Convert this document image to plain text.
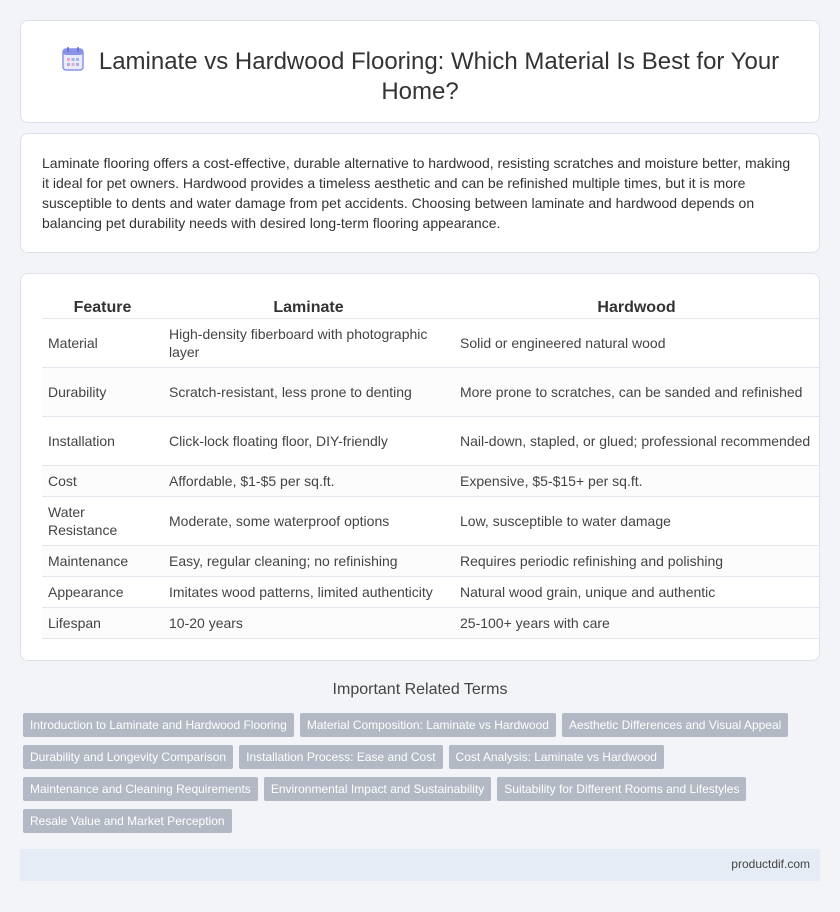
Laminate vs Hardwood Flooring: Which Material Is Best for Your Home?

Laminate flooring offers a cost-effective, durable alternative to hardwood, resisting scratches and moisture better, making it ideal for pet owners. Hardwood provides a timeless aesthetic and can be refinished multiple times, but it is more susceptible to dents and water damage from pet accidents. Choosing between laminate and hardwood depends on balancing pet durability needs with desired long-term flooring appearance.

Feature	Laminate	Hardwood
Material	High-density fiberboard with photographic layer	Solid or engineered natural wood
Durability	Scratch-resistant, less prone to denting	More prone to scratches, can be sanded and refinished
Installation	Click-lock floating floor, DIY-friendly	Nail-down, stapled, or glued; professional recommended
Cost	Affordable, $1-$5 per sq.ft.	Expensive, $5-$15+ per sq.ft.
Water Resistance	Moderate, some waterproof options	Low, susceptible to water damage
Maintenance	Easy, regular cleaning; no refinishing	Requires periodic refinishing and polishing
Appearance	Imitates wood patterns, limited authenticity	Natural wood grain, unique and authentic
Lifespan	10-20 years	25-100+ years with care
Important Related Terms
Introduction to Laminate and Hardwood Flooring Material Composition: Laminate vs Hardwood Aesthetic Differences and Visual Appeal
Durability and Longevity Comparison Installation Process: Ease and Cost Cost Analysis: Laminate vs Hardwood
Maintenance and Cleaning Requirements Environmental Impact and Sustainability Suitability for Different Rooms and Lifestyles
Resale Value and Market Perception
productdif.com
